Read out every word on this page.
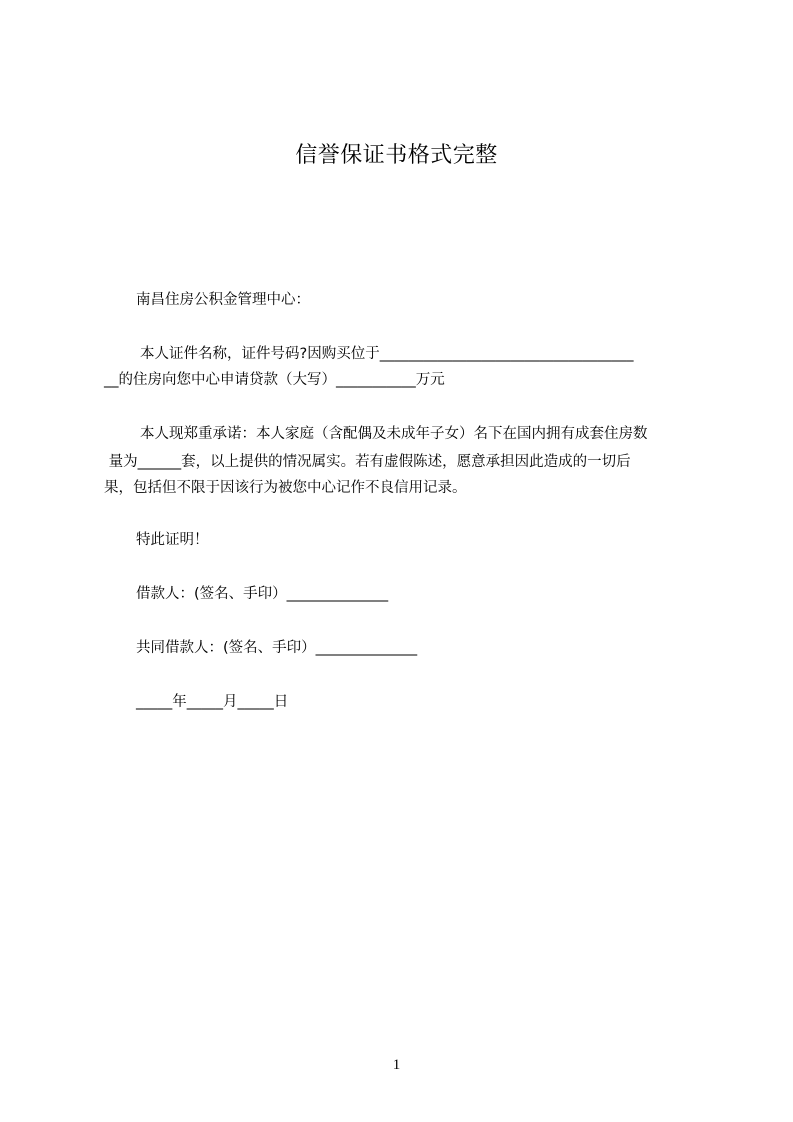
信誉保证书格式完整
南昌住房公积金管理中心：
本人证件名称，证件号码?因购买位于___________________________________
__的住房向您中心申请贷款（大写）___________万元
本人现郑重承诺：本人家庭（含配偶及未成年子女）名下在国内拥有成套住房数
量为______套，以上提供的情况属实。若有虚假陈述，愿意承担因此造成的一切后
果，包括但不限于因该行为被您中心记作不良信用记录。
特此证明！
借款人：(签名、手印）______________
共同借款人：(签名、手印）______________
_____年_____月_____日
1
